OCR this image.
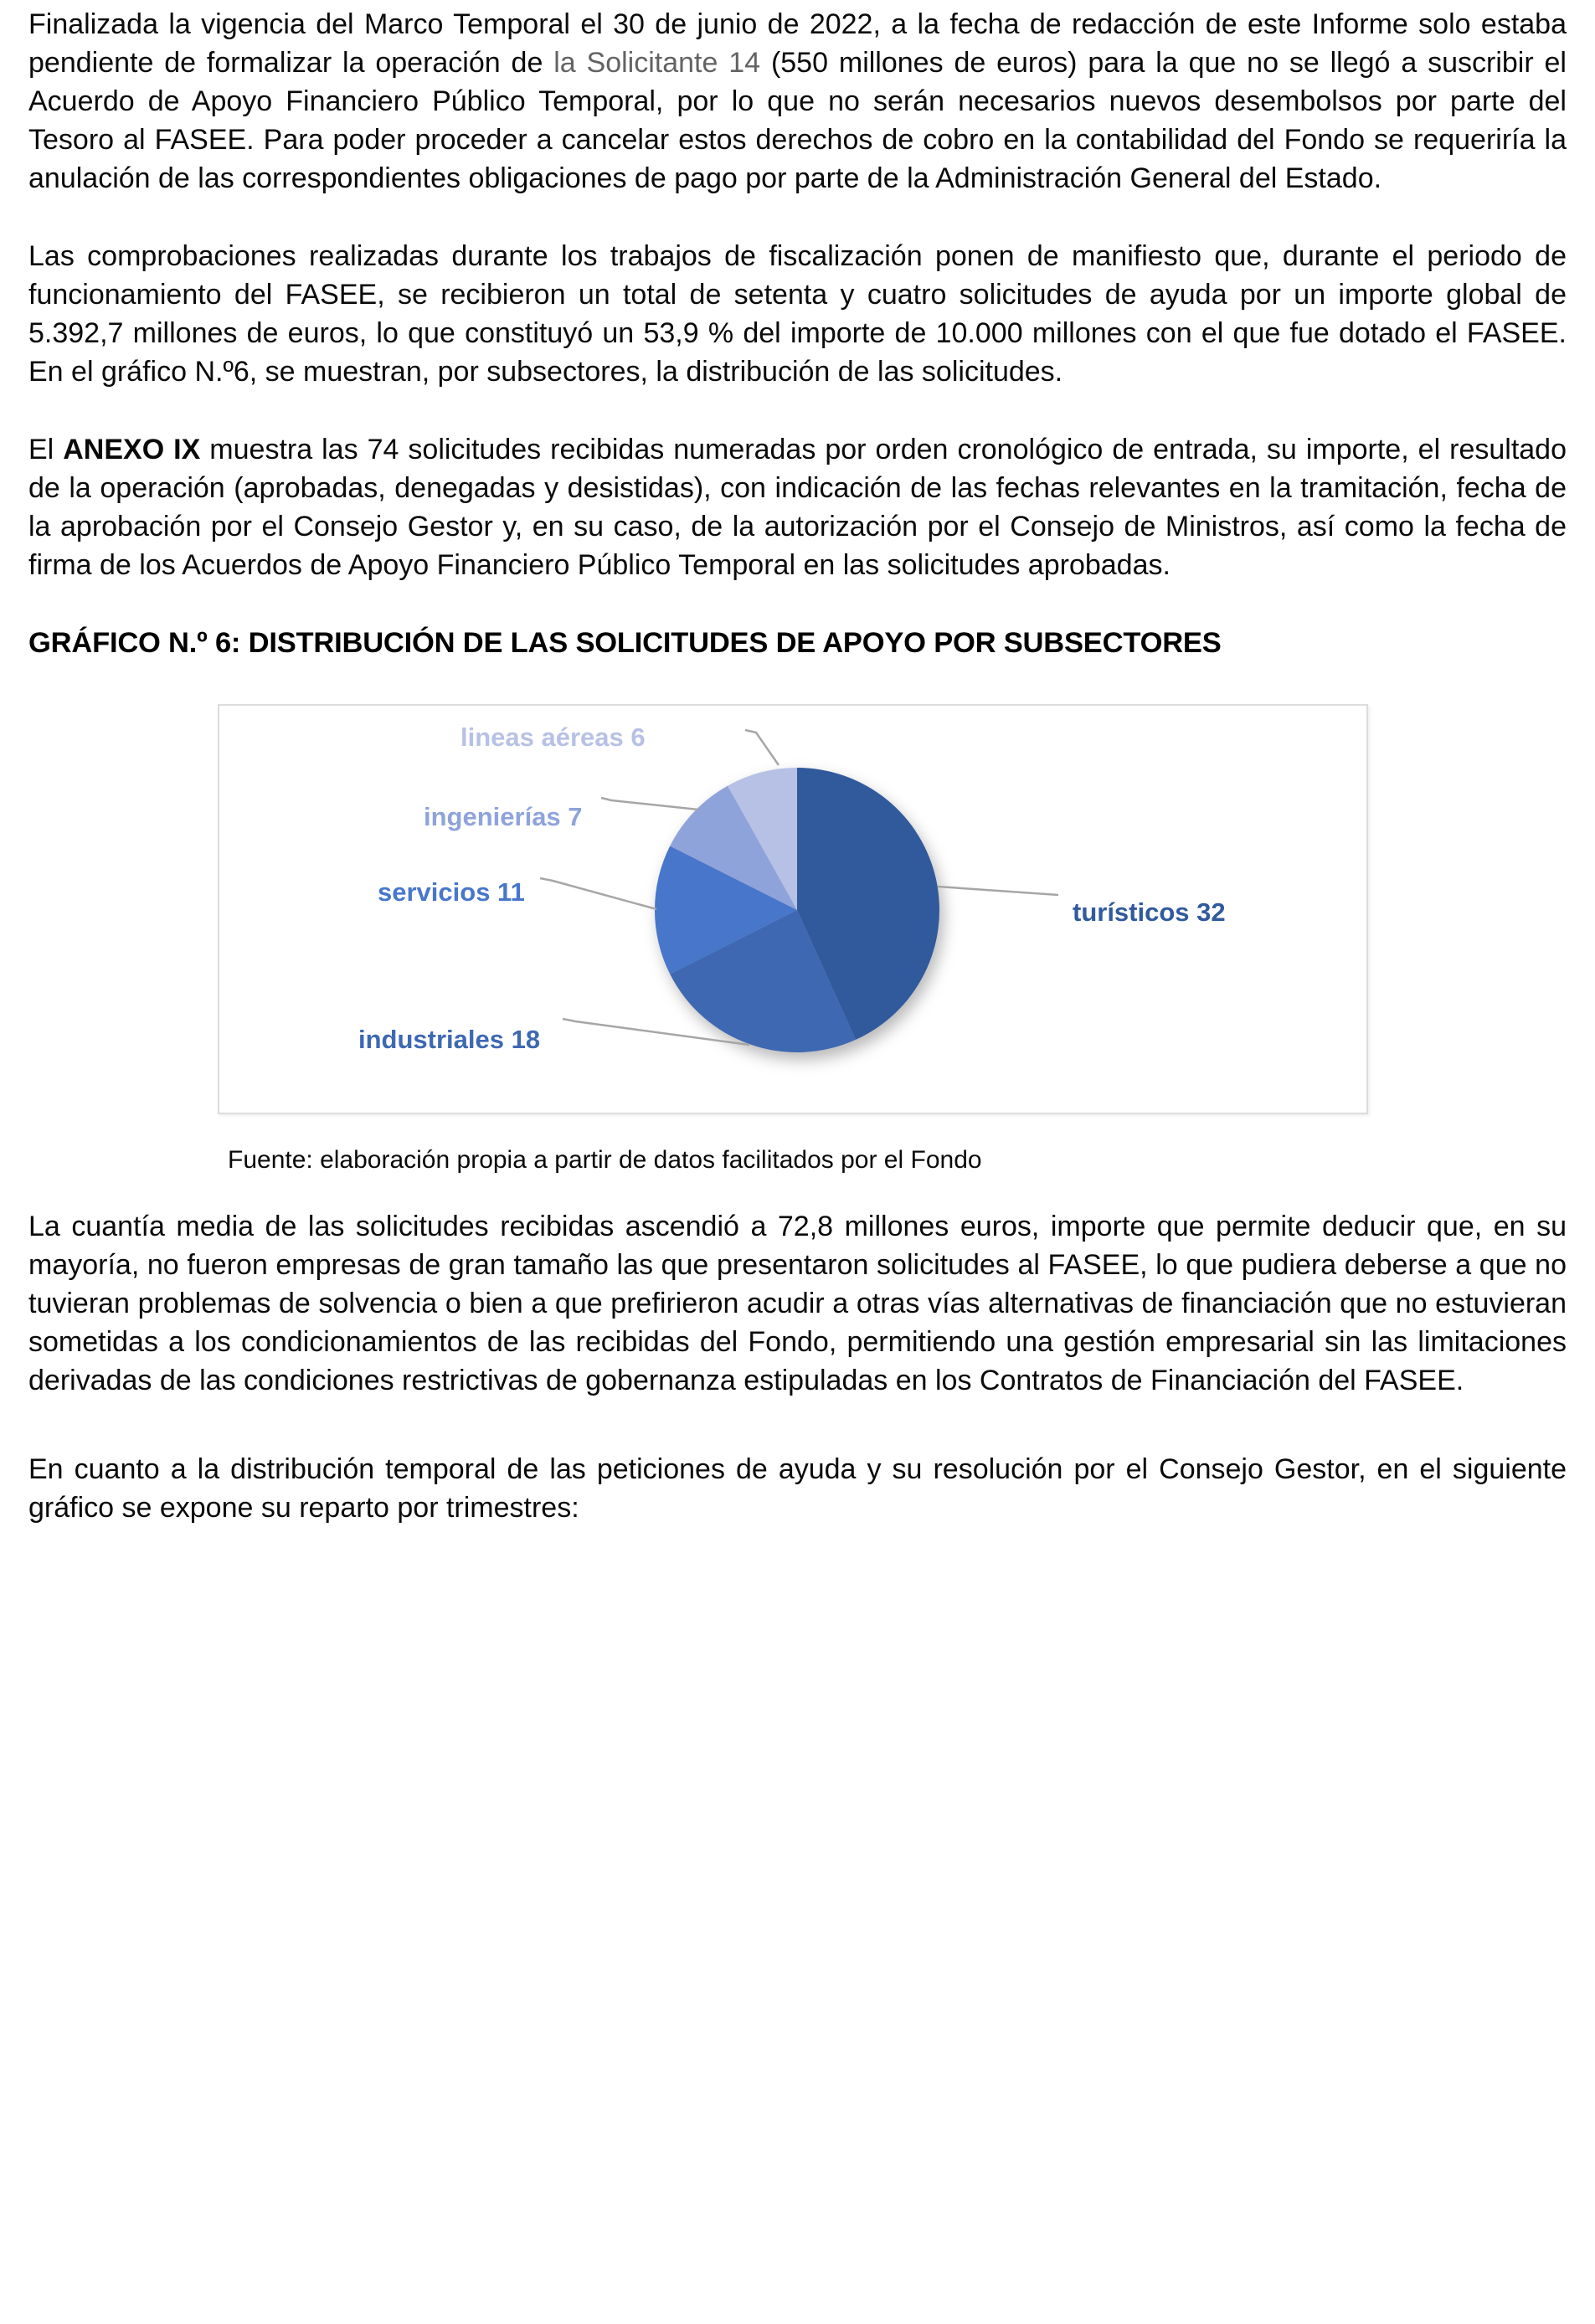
Finalizada la vigencia del Marco Temporal el 30 de junio de 2022, a la fecha de redacción de este Informe solo estaba pendiente de formalizar la operación de la Solicitante 14 (550 millones de euros) para la que no se llegó a suscribir el Acuerdo de Apoyo Financiero Público Temporal, por lo que no serán necesarios nuevos desembolsos por parte del Tesoro al FASEE. Para poder proceder a cancelar estos derechos de cobro en la contabilidad del Fondo se requeriría la anulación de las correspondientes obligaciones de pago por parte de la Administración General del Estado.

Las comprobaciones realizadas durante los trabajos de fiscalización ponen de manifiesto que, durante el periodo de funcionamiento del FASEE, se recibieron un total de setenta y cuatro solicitudes de ayuda por un importe global de 5.392,7 millones de euros, lo que constituyó un 53,9 % del importe de 10.000 millones con el que fue dotado el FASEE. En el gráfico N.º6, se muestran, por subsectores, la distribución de las solicitudes.

El ANEXO IX muestra las 74 solicitudes recibidas numeradas por orden cronológico de entrada, su importe, el resultado de la operación (aprobadas, denegadas y desistidas), con indicación de las fechas relevantes en la tramitación, fecha de la aprobación por el Consejo Gestor y, en su caso, de la autorización por el Consejo de Ministros, así como la fecha de firma de los Acuerdos de Apoyo Financiero Público Temporal en las solicitudes aprobadas.

GRÁFICO N.º 6: DISTRIBUCIÓN DE LAS SOLICITUDES DE APOYO POR SUBSECTORES
turísticos 32
industriales 18
servicios 11
ingenierías 7
lineas aéreas 6
Fuente: elaboración propia a partir de datos facilitados por el Fondo

La cuantía media de las solicitudes recibidas ascendió a 72,8 millones euros, importe que permite deducir que, en su mayoría, no fueron empresas de gran tamaño las que presentaron solicitudes al FASEE, lo que pudiera deberse a que no tuvieran problemas de solvencia o bien a que prefirieron acudir a otras vías alternativas de financiación que no estuvieran sometidas a los condicionamientos de las recibidas del Fondo, permitiendo una gestión empresarial sin las limitaciones derivadas de las condiciones restrictivas de gobernanza estipuladas en los Contratos de Financiación del FASEE.

En cuanto a la distribución temporal de las peticiones de ayuda y su resolución por el Consejo Gestor, en el siguiente gráfico se expone su reparto por trimestres:
